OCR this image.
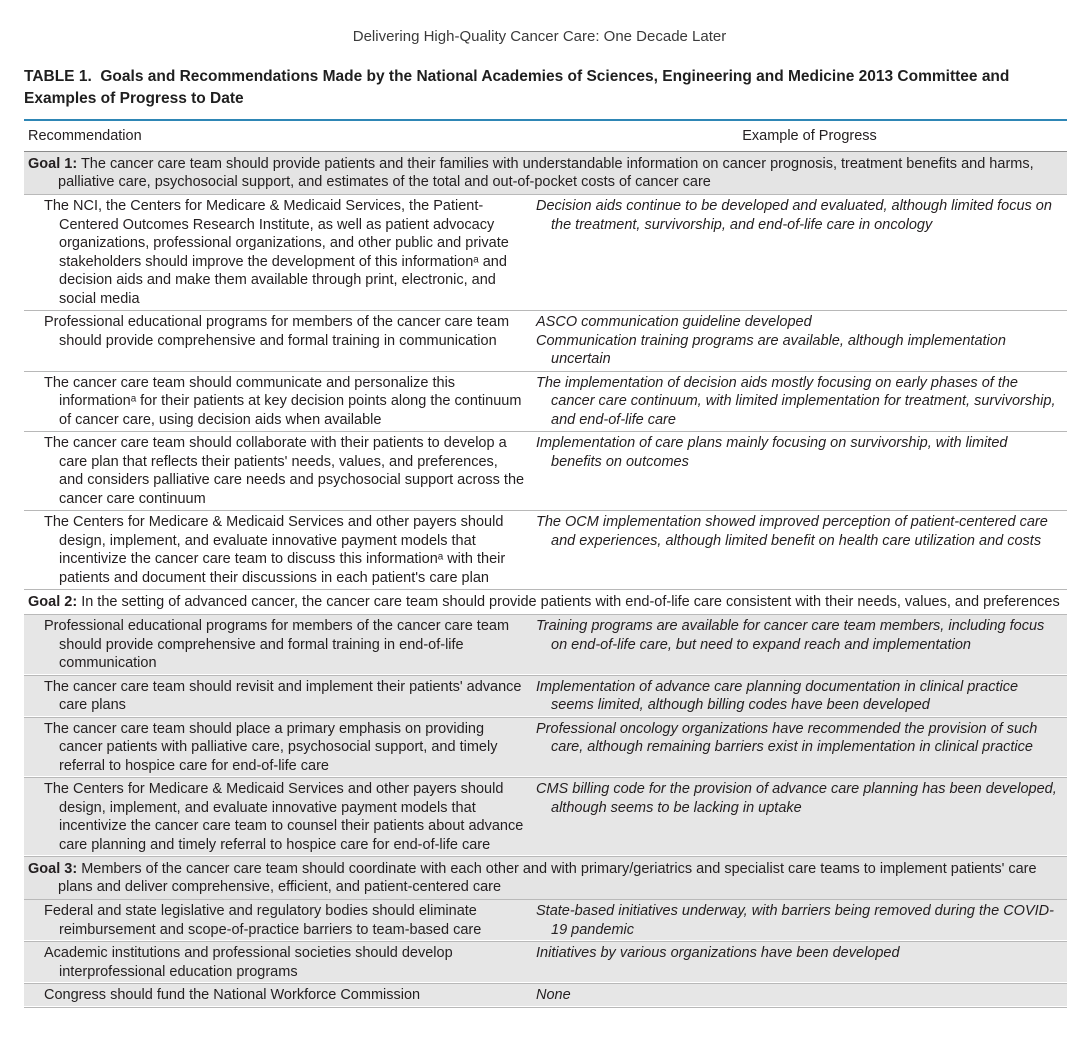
Delivering High-Quality Cancer Care: One Decade Later
TABLE 1. Goals and Recommendations Made by the National Academies of Sciences, Engineering and Medicine 2013 Committee and Examples of Progress to Date
Recommendation	Example of Progress
Goal 1: The cancer care team should provide patients and their families with understandable information on cancer prognosis, treatment benefits and harms, palliative care, psychosocial support, and estimates of the total and out-of-pocket costs of cancer care
The NCI, the Centers for Medicare & Medicaid Services, the Patient-Centered Outcomes Research Institute, as well as patient advocacy organizations, professional organizations, and other public and private stakeholders should improve the development of this informationᵃ and decision aids and make them available through print, electronic, and social media
Decision aids continue to be developed and evaluated, although limited focus on the treatment, survivorship, and end-of-life care in oncology
Professional educational programs for members of the cancer care team should provide comprehensive and formal training in communication
ASCO communication guideline developed
Communication training programs are available, although implementation uncertain
The cancer care team should communicate and personalize this informationᵃ for their patients at key decision points along the continuum of cancer care, using decision aids when available
The implementation of decision aids mostly focusing on early phases of the cancer care continuum, with limited implementation for treatment, survivorship, and end-of-life care
The cancer care team should collaborate with their patients to develop a care plan that reflects their patients' needs, values, and preferences, and considers palliative care needs and psychosocial support across the cancer care continuum
Implementation of care plans mainly focusing on survivorship, with limited benefits on outcomes
The Centers for Medicare & Medicaid Services and other payers should design, implement, and evaluate innovative payment models that incentivize the cancer care team to discuss this informationᵃ with their patients and document their discussions in each patient's care plan
The OCM implementation showed improved perception of patient-centered care and experiences, although limited benefit on health care utilization and costs
Goal 2: In the setting of advanced cancer, the cancer care team should provide patients with end-of-life care consistent with their needs, values, and preferences
Professional educational programs for members of the cancer care team should provide comprehensive and formal training in end-of-life communication
Training programs are available for cancer care team members, including focus on end-of-life care, but need to expand reach and implementation
The cancer care team should revisit and implement their patients' advance care plans
Implementation of advance care planning documentation in clinical practice seems limited, although billing codes have been developed
The cancer care team should place a primary emphasis on providing cancer patients with palliative care, psychosocial support, and timely referral to hospice care for end-of-life care
Professional oncology organizations have recommended the provision of such care, although remaining barriers exist in implementation in clinical practice
The Centers for Medicare & Medicaid Services and other payers should design, implement, and evaluate innovative payment models that incentivize the cancer care team to counsel their patients about advance care planning and timely referral to hospice care for end-of-life care
CMS billing code for the provision of advance care planning has been developed, although seems to be lacking in uptake
Goal 3: Members of the cancer care team should coordinate with each other and with primary/geriatrics and specialist care teams to implement patients' care plans and deliver comprehensive, efficient, and patient-centered care
Federal and state legislative and regulatory bodies should eliminate reimbursement and scope-of-practice barriers to team-based care
State-based initiatives underway, with barriers being removed during the COVID-19 pandemic
Academic institutions and professional societies should develop interprofessional education programs
Initiatives by various organizations have been developed
Congress should fund the National Workforce Commission	None
